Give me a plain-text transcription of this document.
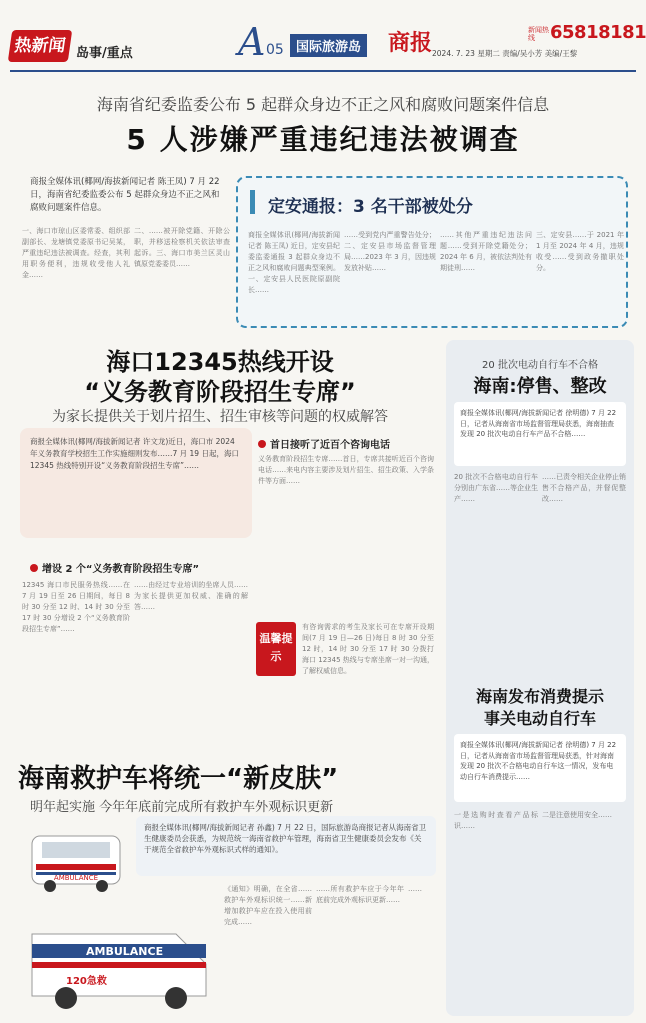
热新闻 岛事/重点	A 05 国际旅游岛 商报 2024. 7. 23 星期二 责编/吴小芳 美编/王黎
新闻热线 65818181
海南省纪委监委公布 5 起群众身边不正之风和腐败问题案件信息
5 人涉嫌严重违纪违法被调查
商报全媒体讯(椰网/海拔新闻记者 陈王凤) 7 月 22 日，海南省纪委监委公布 5 起群众身边不正之风和腐败问题案件信息。
一、海口市琼山区委常委、组织部副部长、龙塘镇党委原书记吴某，严重违纪违法被调查。经查，其利用职务便利，违规收受他人礼金……
二、……被开除党籍、开除公职，并移送检察机关依法审查起诉。三、海口市美兰区灵山镇原党委委员……
定安通报：3 名干部被处分
商报全媒体讯(椰网/海拔新闻记者 陈王凤) 近日，定安县纪委监委通报 3 起群众身边不正之风和腐败问题典型案例。一、定安县人民医院原副院长……
……受到党内严重警告处分；二、定安县市场监督管理局……2023 年 3 月，因违规发放补贴……
……其他严重违纪违法问题……受到开除党籍处分；2024 年 6 月，被依法判处有期徒刑……
三、定安县……于 2021 年 1 月至 2024 年 4 月，违规收受……受到政务撤职处分。
海口12345热线开设
“义务教育阶段招生专席”
为家长提供关于划片招生、招生审核等问题的权威解答
商报全媒体讯(椰网/海拔新闻记者 许文龙)近日，海口市 2024 年义务教育学校招生工作实施细则发布……7 月 19 日起，海口 12345 热线特别开设“义务教育阶段招生专席”……
首日接听了近百个咨询电话
义务教育阶段招生专席……首日，专席共接听近百个咨询电话……来电内容主要涉及划片招生、招生政策、入学条件等方面……
增设 2 个“义务教育阶段招生专席”
12345 海口市民服务热线……在 7 月 19 日至 26 日期间，每日 8 时 30 分至 12 时、14 时 30 分至 17 时 30 分增设 2 个“义务教育阶段招生专席”……
……由经过专业培训的坐席人员……为家长提供更加权威、准确的解答……
温馨提示
有咨询需求的考生及家长可在专席开设期间(7 月 19 日—26 日)每日 8 时 30 分至 12 时，14 时 30 分至 17 时 30 分拨打海口 12345 热线与专席坐席一对一沟通，了解权威信息。
海南救护车将统一“新皮肤”
明年起实施 今年年底前完成所有救护车外观标识更新
商报全媒体讯(椰网/海拔新闻记者 孙鑫) 7 月 22 日，国际旅游岛商报记者从海南省卫生健康委员会获悉，为规范统一海南省救护车管理，海南省卫生健康委员会发布《关于规范全省救护车外观标识式样的通知》。
AMBULANCE
AMBULANCE
120急救
《通知》明确，在全省……救护车外观标识统一……新增加救护车应在投入使用前完成……
……所有救护车应于今年年底前完成外观标识更新……
……
20 批次电动自行车不合格
海南:停售、整改
商报全媒体讯(椰网/海拔新闻记者 徐明德) 7 月 22 日，记者从海南省市场监督管理局获悉，海南抽查发现 20 批次电动自行车产品不合格……
20 批次不合格电动自行车分别由广东省……等企业生产……
……已责令相关企业停止销售不合格产品，并督促整改……
海南发布消费提示
事关电动自行车
商报全媒体讯(椰网/海拔新闻记者 徐明德) 7 月 22 日，记者从海南省市场监督管理局获悉，针对海南发现 20 批次不合格电动自行车这一情况，发布电动自行车消费提示……
一是选购时查看产品标识……
二是注意使用安全……
